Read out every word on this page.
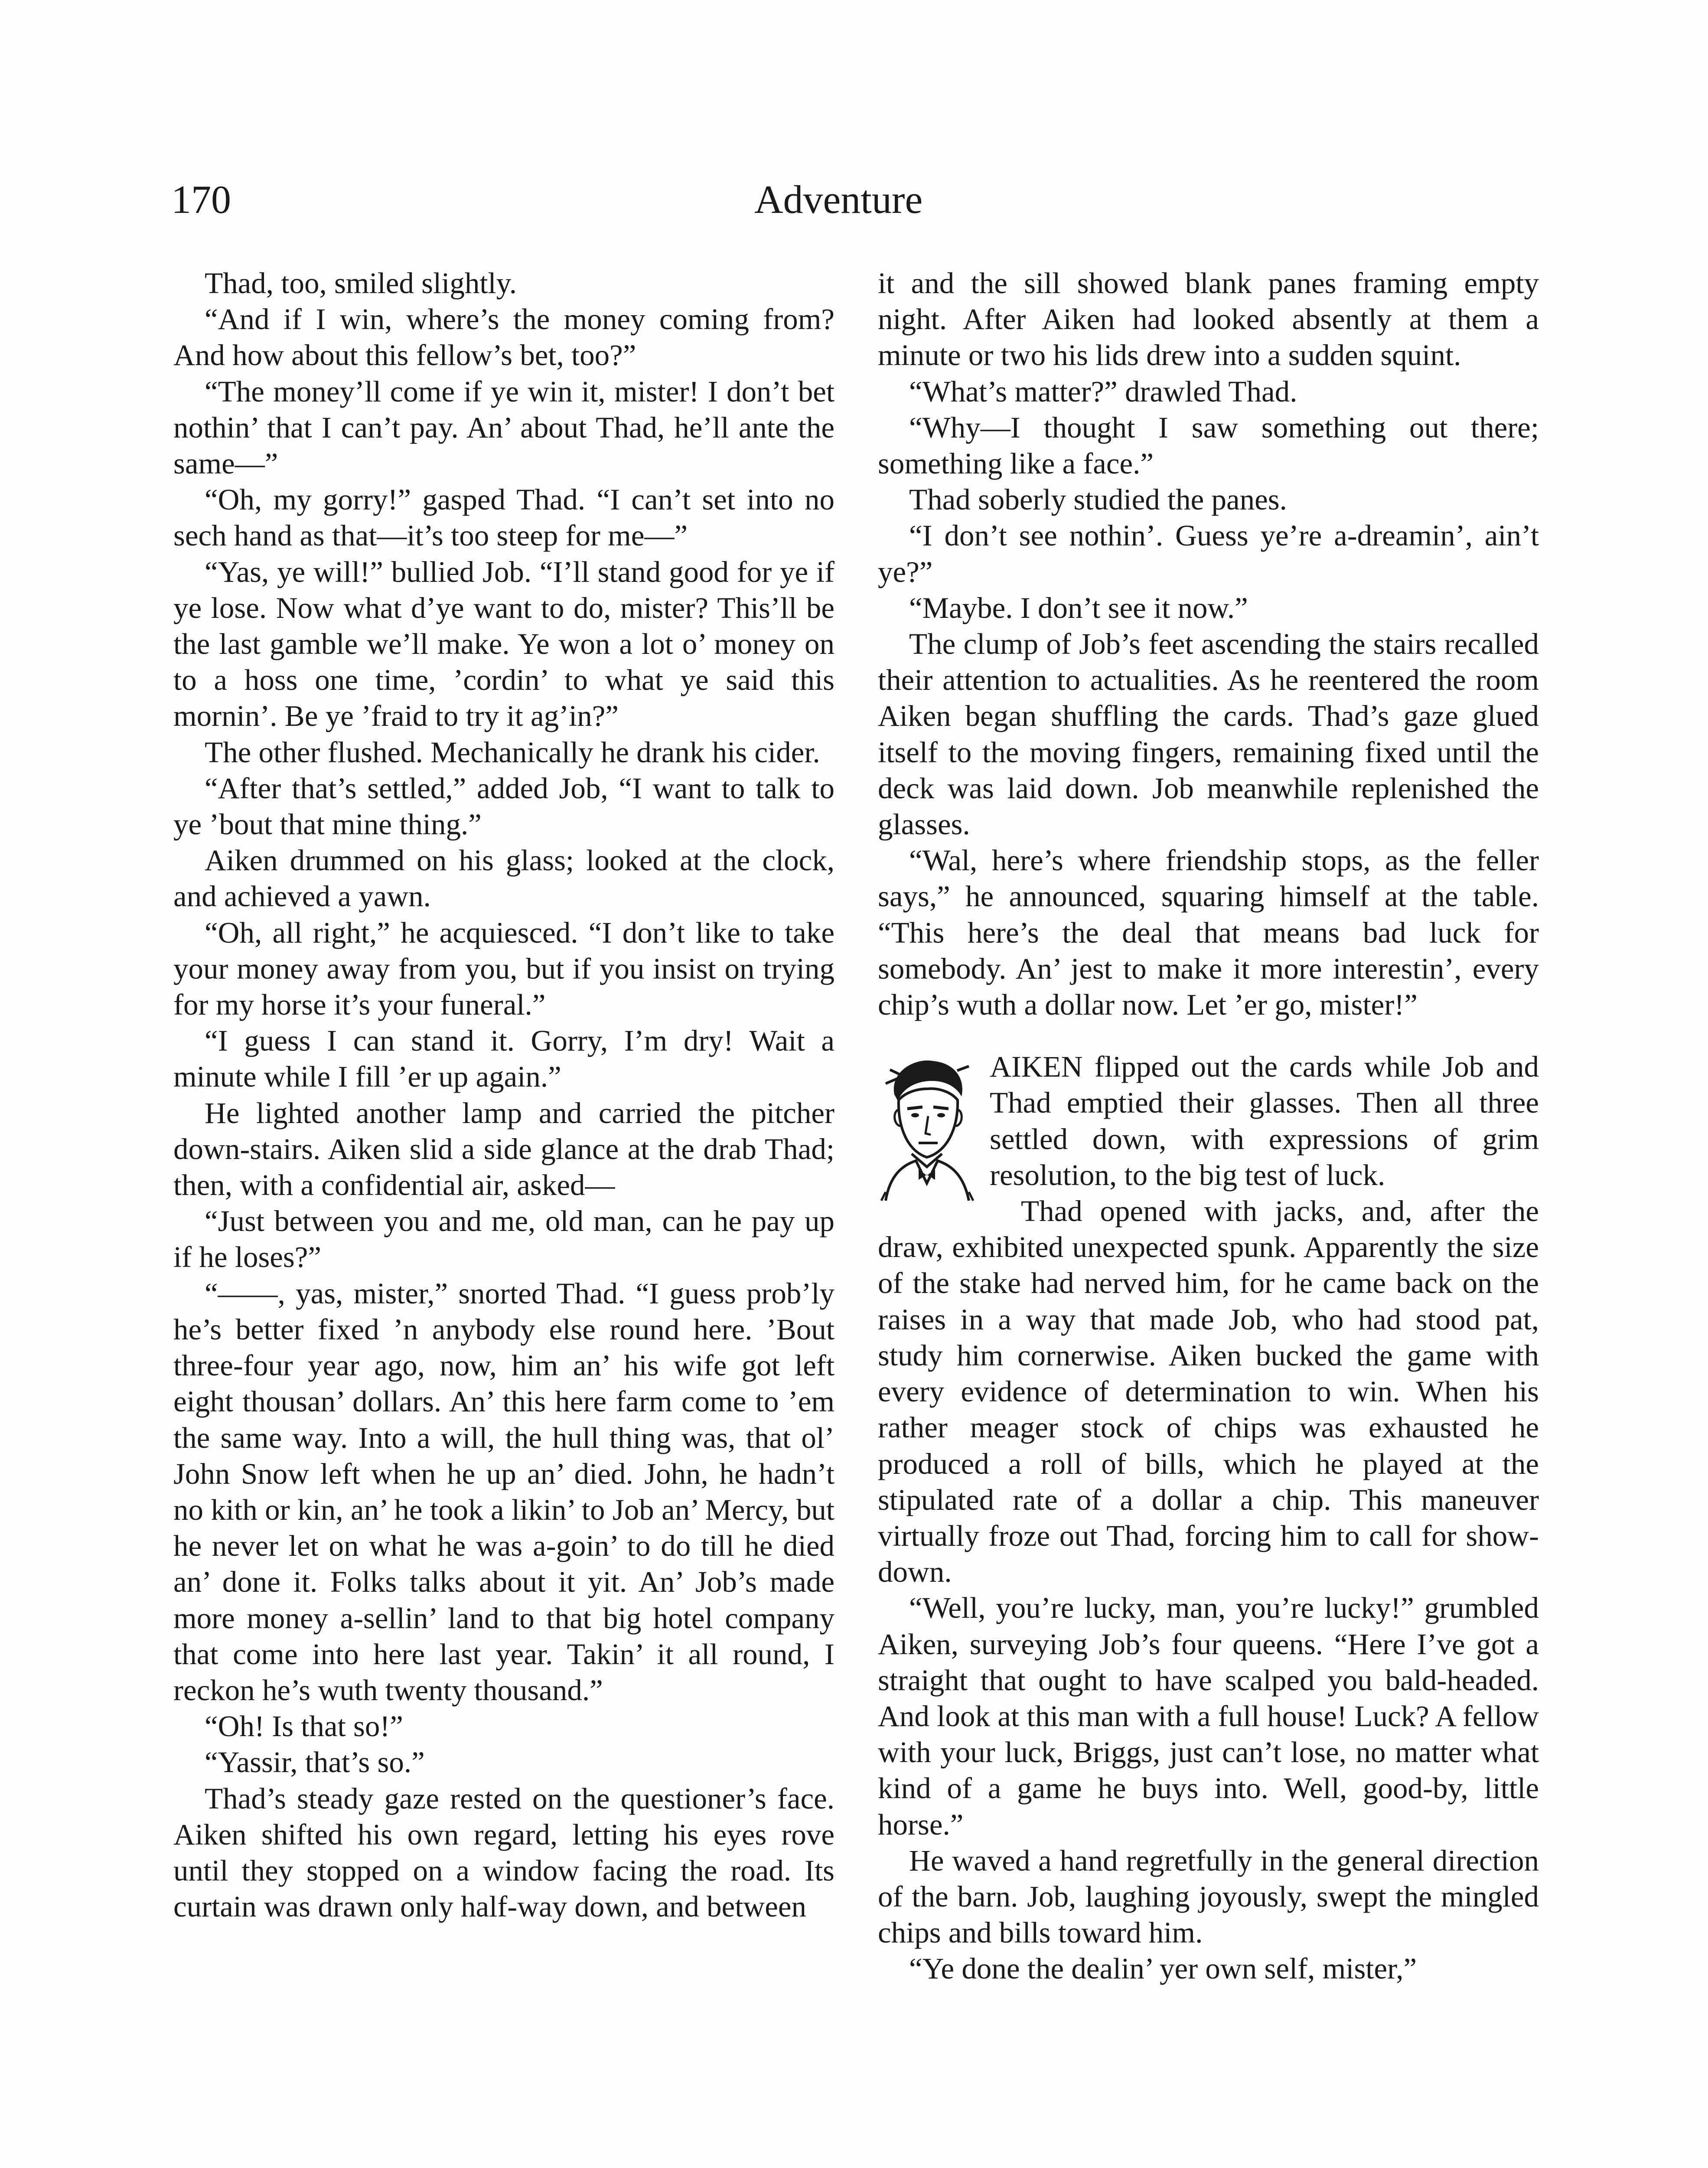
170	Adventure

Thad, too, smiled slightly.

“And if I win, where’s the money coming from? And how about this fellow’s bet, too?”

“The money’ll come if ye win it, mister! I don’t bet nothin’ that I can’t pay. An’ about Thad, he’ll ante the same—”

“Oh, my gorry!” gasped Thad. “I can’t set into no sech hand as that—it’s too steep for me—”

“Yas, ye will!” bullied Job. “I’ll stand good for ye if ye lose. Now what d’ye want to do, mister? This’ll be the last gamble we’ll make. Ye won a lot o’ money on to a hoss one time, ’cordin’ to what ye said this mornin’. Be ye ’fraid to try it ag’in?”

The other flushed. Mechanically he drank his cider.

“After that’s settled,” added Job, “I want to talk to ye ’bout that mine thing.”

Aiken drummed on his glass; looked at the clock, and achieved a yawn.

“Oh, all right,” he acquiesced. “I don’t like to take your money away from you, but if you insist on trying for my horse it’s your funeral.”

“I guess I can stand it. Gorry, I’m dry! Wait a minute while I fill ’er up again.”

He lighted another lamp and carried the pitcher down-stairs. Aiken slid a side glance at the drab Thad; then, with a confidential air, asked—

“Just between you and me, old man, can he pay up if he loses?”

“——, yas, mister,” snorted Thad. “I guess prob’ly he’s better fixed ’n anybody else round here. ’Bout three-four year ago, now, him an’ his wife got left eight thousan’ dollars. An’ this here farm come to ’em the same way. Into a will, the hull thing was, that ol’ John Snow left when he up an’ died. John, he hadn’t no kith or kin, an’ he took a likin’ to Job an’ Mercy, but he never let on what he was a-goin’ to do till he died an’ done it. Folks talks about it yit. An’ Job’s made more money a-sellin’ land to that big hotel company that come into here last year. Takin’ it all round, I reckon he’s wuth twenty thousand.”

“Oh! Is that so!”

“Yassir, that’s so.”

Thad’s steady gaze rested on the questioner’s face. Aiken shifted his own regard, letting his eyes rove until they stopped on a window facing the road. Its curtain was drawn only half-way down, and between

it and the sill showed blank panes framing empty night. After Aiken had looked absently at them a minute or two his lids drew into a sudden squint.

“What’s matter?” drawled Thad.

“Why—I thought I saw something out there; something like a face.”

Thad soberly studied the panes.

“I don’t see nothin’. Guess ye’re a-dreamin’, ain’t ye?”

“Maybe. I don’t see it now.”

The clump of Job’s feet ascending the stairs recalled their attention to actualities. As he reentered the room Aiken began shuffling the cards. Thad’s gaze glued itself to the moving fingers, remaining fixed until the deck was laid down. Job meanwhile replenished the glasses.

“Wal, here’s where friendship stops, as the feller says,” he announced, squaring himself at the table. “This here’s the deal that means bad luck for somebody. An’ jest to make it more interestin’, every chip’s wuth a dollar now. Let ’er go, mister!”

AIKEN flipped out the cards while Job and Thad emptied their glasses. Then all three settled down, with expressions of grim resolution, to the big test of luck.

Thad opened with jacks, and, after the draw, exhibited unexpected spunk. Apparently the size of the stake had nerved him, for he came back on the raises in a way that made Job, who had stood pat, study him cornerwise. Aiken bucked the game with every evidence of determination to win. When his rather meager stock of chips was exhausted he produced a roll of bills, which he played at the stipulated rate of a dollar a chip. This maneuver virtually froze out Thad, forcing him to call for show-down.

“Well, you’re lucky, man, you’re lucky!” grumbled Aiken, surveying Job’s four queens. “Here I’ve got a straight that ought to have scalped you bald-headed. And look at this man with a full house! Luck? A fellow with your luck, Briggs, just can’t lose, no matter what kind of a game he buys into. Well, good-by, little horse.”

He waved a hand regretfully in the general direction of the barn. Job, laughing joyously, swept the mingled chips and bills toward him.

“Ye done the dealin’ yer own self, mister,”
